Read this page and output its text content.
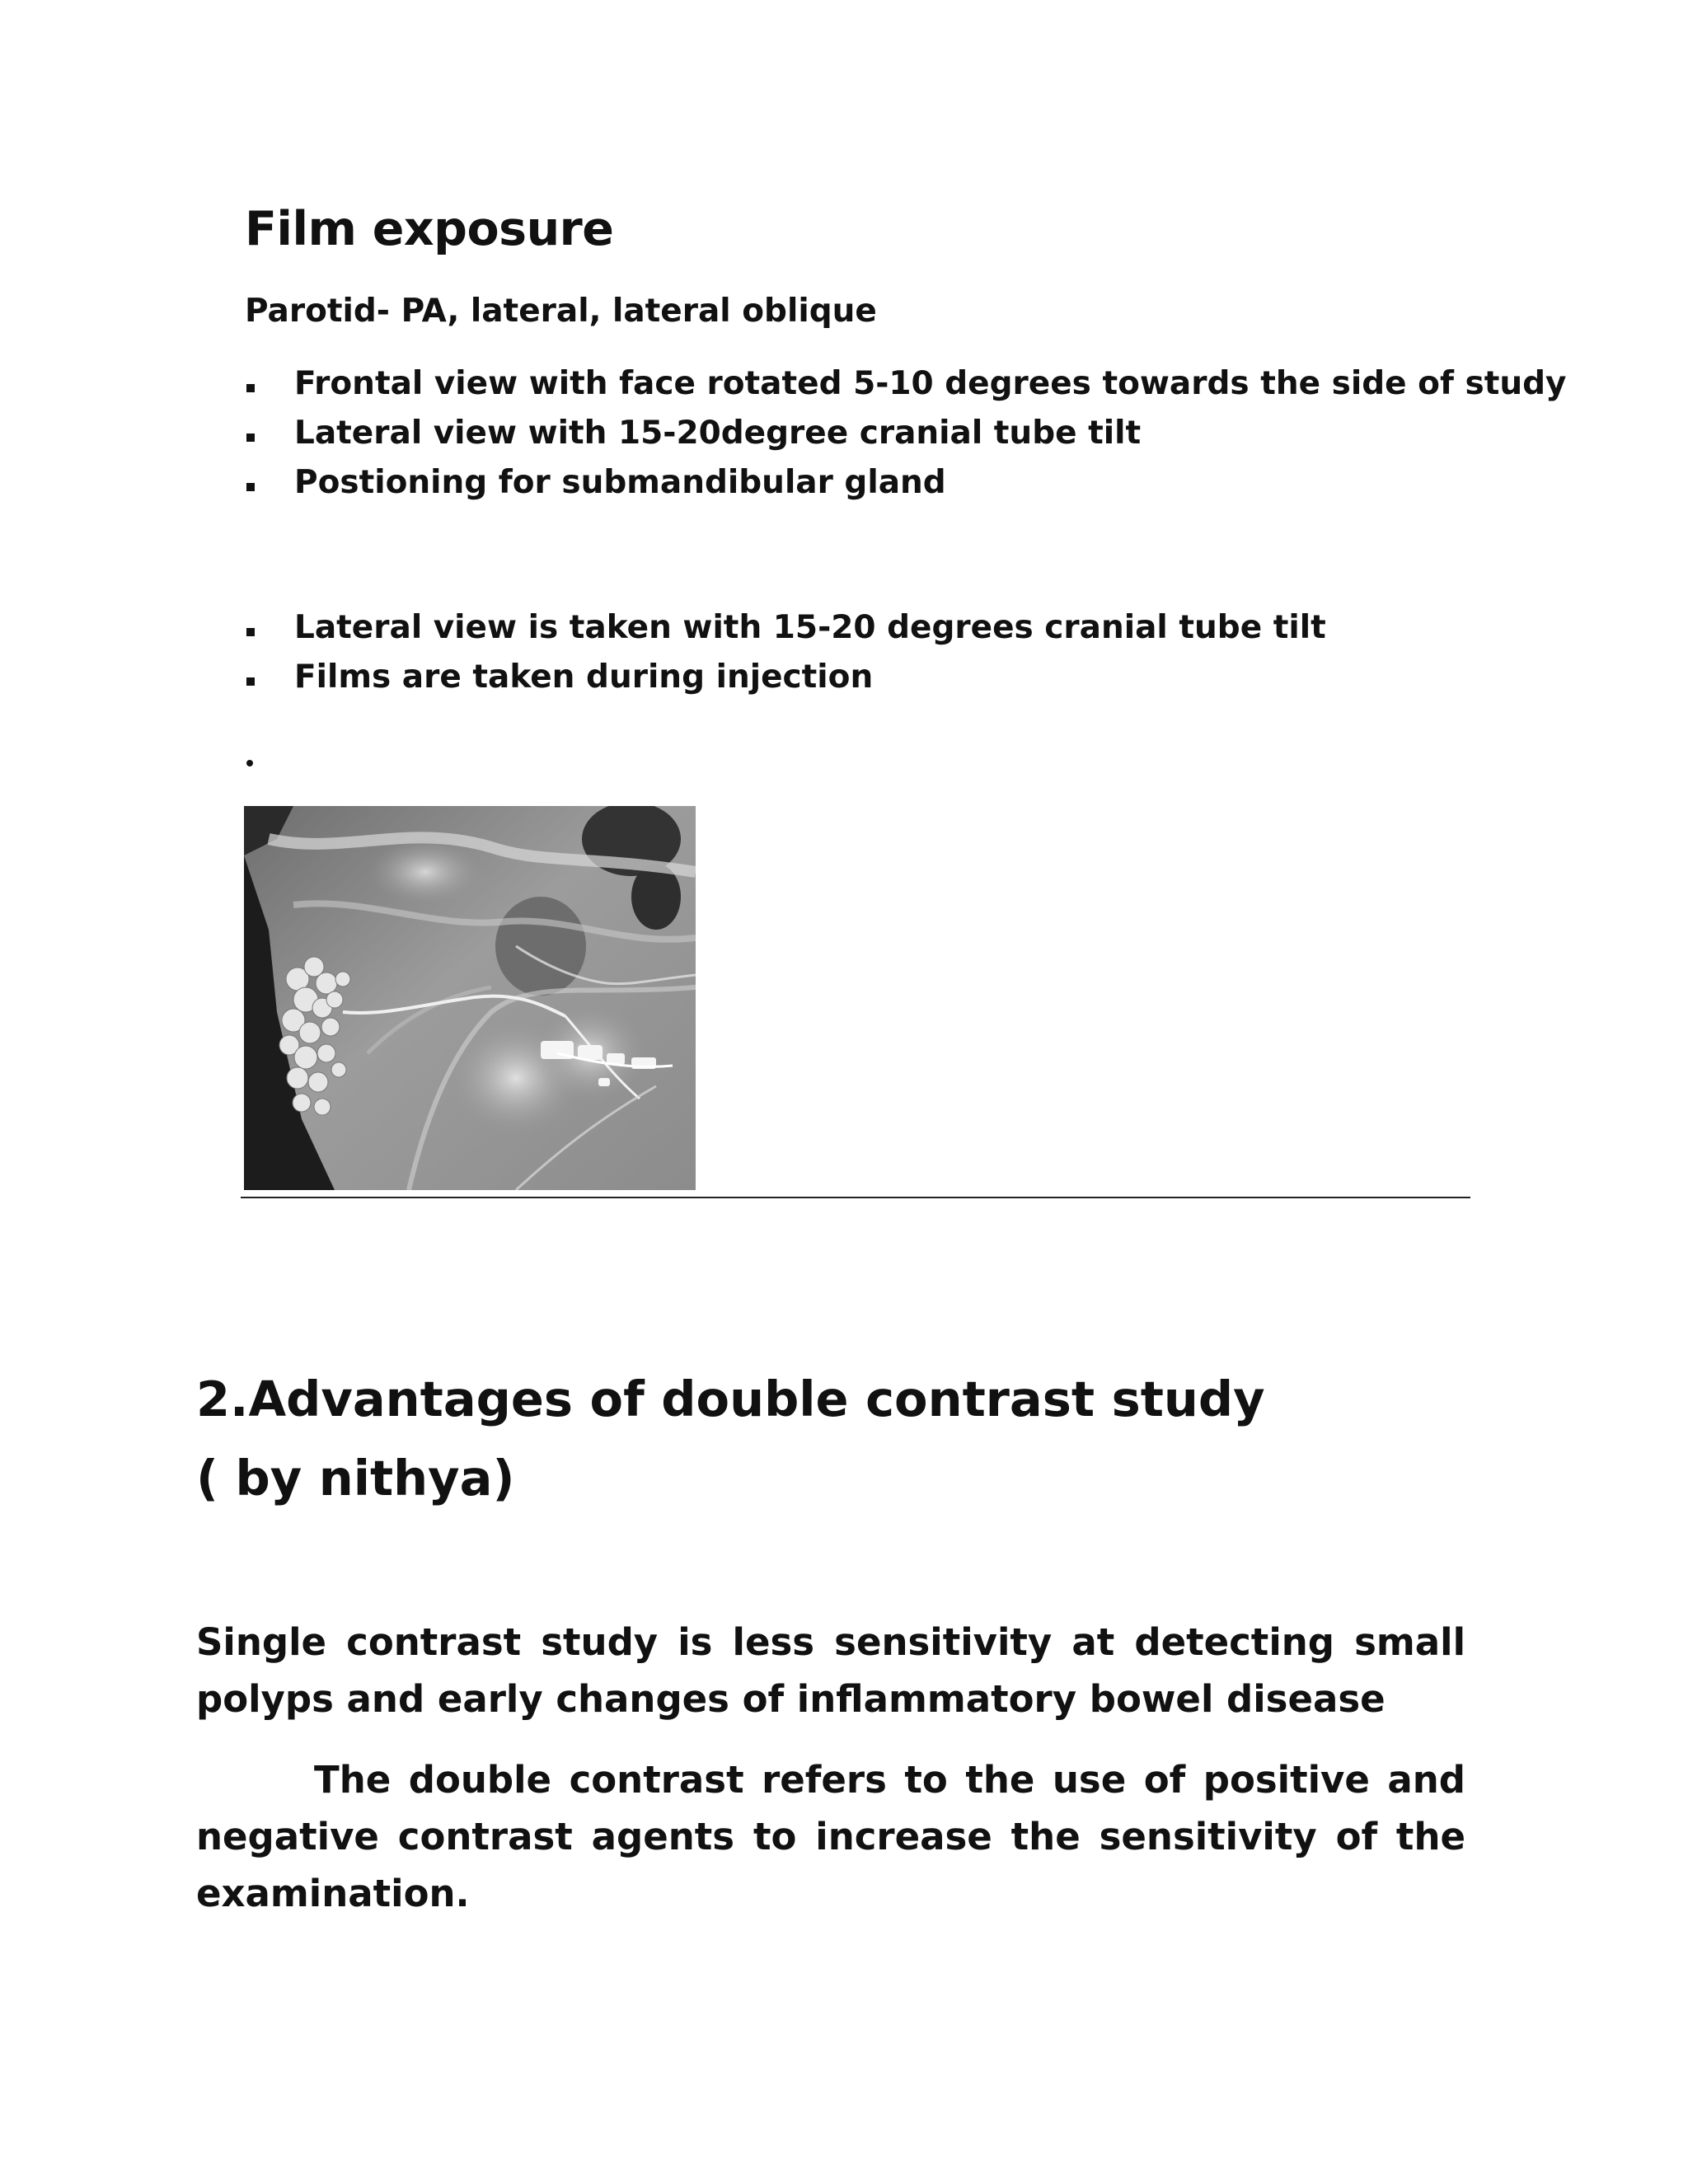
Film exposure
Parotid- PA, lateral, lateral oblique
Frontal view with face rotated 5-10 degrees towards the side of study
Lateral view with 15-20degree cranial tube tilt
Postioning for submandibular gland
Lateral view is taken with 15-20 degrees cranial tube tilt
Films are taken during injection
2.Advantages of double contrast study
( by nithya)
Single contrast study is less sensitivity at detecting small polyps and early changes of inflammatory bowel disease
The double contrast refers to the use of positive and negative contrast agents to increase the sensitivity of the examination.
